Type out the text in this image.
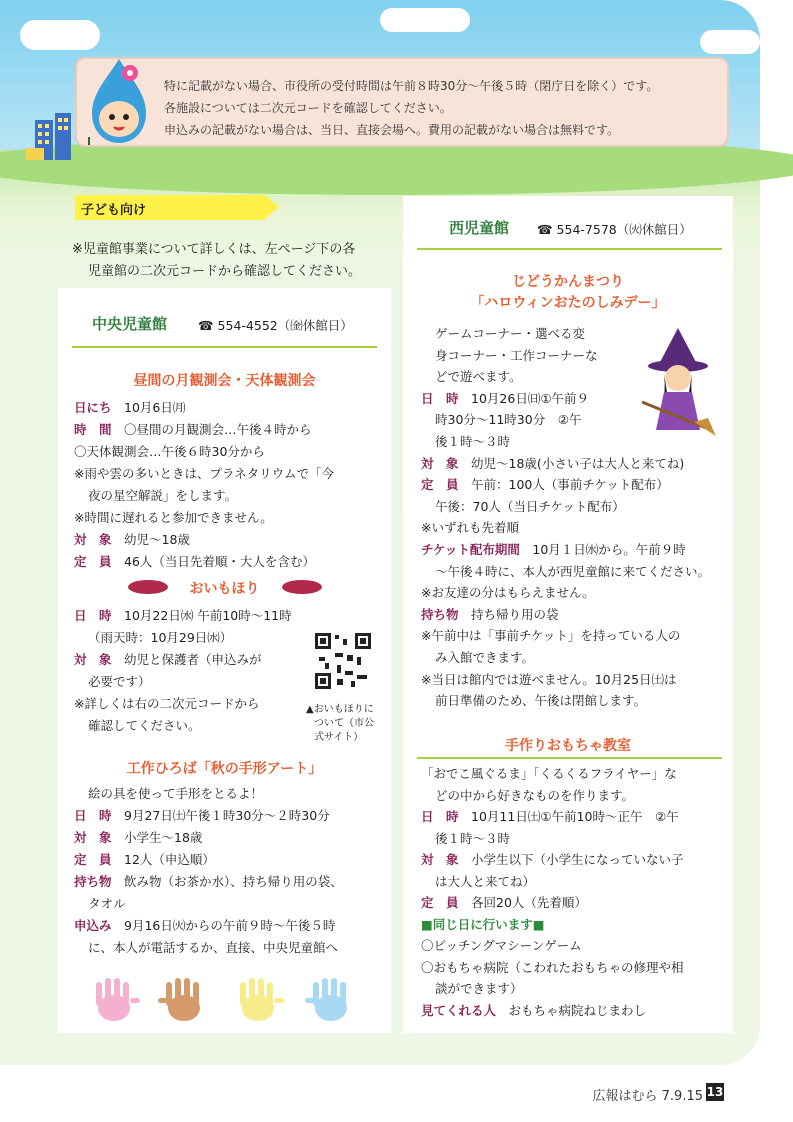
特に記載がない場合、市役所の受付時間は午前８時30分〜午後５時（閉庁日を除く）です。

各施設については二次元コードを確認してください。

申込みの記載がない場合は、当日、直接会場へ。費用の記載がない場合は無料です。

子ども向け
※児童館事業について詳しくは、左ページ下の各
児童館の二次元コードから確認してください。
中央児童館 ☎ 554-4552（㈮休館日）
昼間の月観測会・天体観測会
日にち　 10月6日㈪
時　間　 〇昼間の月観測会…午後４時から
〇天体観測会…午後６時30分から
※雨や雲の多いときは、プラネタリウムで「今
夜の星空解説」をします。
※時間に遅れると参加できません。
対　象　 幼児〜18歳
定　員　 46人（当日先着順・大人を含む）
おいもほり
日　時　 10月22日㈬ 午前10時〜11時
（雨天時：10月29日㈬）
対　象　 幼児と保護者（申込みが
必要です）
※詳しくは右の二次元コードから
確認してください。
▲おいもほりに
ついて（市公
式サイト）
工作ひろば「秋の手形アート」
絵の具を使って手形をとるよ！
日　時　 9月27日㈯午後１時30分〜２時30分
対　象　 小学生〜18歳
定　員　 12人（申込順）
持ち物　 飲み物（お茶か水）、持ち帰り用の袋、
タオル
申込み　 9月16日㈫からの午前９時〜午後５時
に、本人が電話するか、直接、中央児童館へ
西児童館 ☎ 554-7578（㈫休館日）
じどうかんまつり
「ハロウィンおたのしみデー」
ゲームコーナー・選べる変
身コーナー・工作コーナーな
どで遊べます。
日　時　 10月26日㈰①午前９
時30分〜11時30分　②午
後１時〜３時
対　象　 幼児〜18歳(小さい子は大人と来てね)
定　員　 午前：100人（事前チケット配布）
午後：70人（当日チケット配布）
※いずれも先着順
チケット配布期間　 10月１日㈬から。午前９時
〜午後４時に、本人が西児童館に来てください。
※お友達の分はもらえません。
持ち物　 持ち帰り用の袋
※午前中は「事前チケット」を持っている人の
み入館できます。
※当日は館内では遊べません。10月25日㈯は
前日準備のため、午後は閉館します。
手作りおもちゃ教室
「おでこ風ぐるま」「くるくるフライヤー」な
どの中から好きなものを作ります。
日　時　 10月11日㈯①午前10時〜正午　②午
後１時〜３時
対　象　 小学生以下（小学生になっていない子
は大人と来てね）
定　員　 各回20人（先着順）
■同じ日に行います■
〇ピッチングマシーンゲーム
〇おもちゃ病院（こわれたおもちゃの修理や相
談ができます）
見てくれる人　 おもちゃ病院ねじまわし
広報はむら 7.9.15 13
